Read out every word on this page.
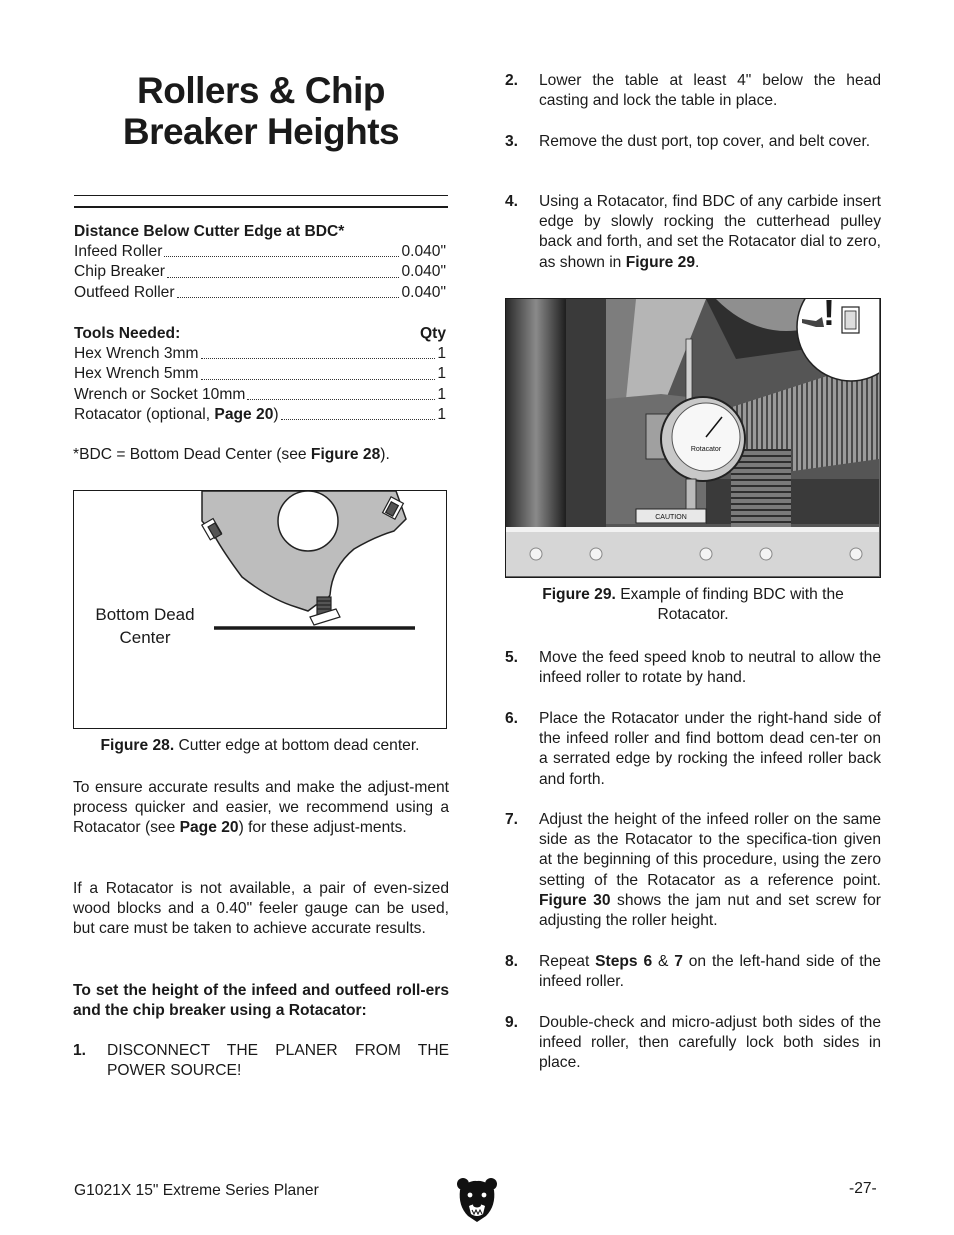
Rollers & Chip
Breaker Heights
Distance Below Cutter Edge at BDC*
Infeed Roller	0.040"
Chip Breaker	0.040"
Outfeed Roller	0.040"
Tools Needed:	Qty
Hex Wrench 3mm	1
Hex Wrench 5mm	1
Wrench or Socket 10mm	1
Rotacator (optional, Page 20)	1
*BDC = Bottom Dead Center (see Figure 28).
Bottom Dead
Center
Figure 28. Cutter edge at bottom dead center.
To ensure accurate results and make the adjust-ment process quicker and easier, we recommend using a Rotacator (see Page 20) for these adjust-ments.
If a Rotacator is not available, a pair of even-sized wood blocks and a 0.40" feeler gauge can be used, but care must be taken to achieve accurate results.
To set the height of the infeed and outfeed roll-ers and the chip breaker using a Rotacator:
1.	DISCONNECT THE PLANER FROM THE POWER SOURCE!
2.	Lower the table at least 4" below the head casting and lock the table in place.
3.	Remove the dust port, top cover, and belt cover.
4.	Using a Rotacator, find BDC of any carbide insert edge by slowly rocking the cutterhead pulley back and forth, and set the Rotacator dial to zero, as shown in Figure 29.
CAUTION
Rotacator
!
Figure 29. Example of finding BDC with the
Rotacator.
5.	Move the feed speed knob to neutral to allow the infeed roller to rotate by hand.
6.	Place the Rotacator under the right-hand side of the infeed roller and find bottom dead cen-ter on a serrated edge by rocking the infeed roller back and forth.
7.	Adjust the height of the infeed roller on the same side as the Rotacator to the specifica-tion given at the beginning of this procedure, using the zero setting of the Rotacator as a reference point. Figure 30 shows the jam nut and set screw for adjusting the roller height.
8.	Repeat Steps 6 & 7 on the left-hand side of the infeed roller.
9.	Double-check and micro-adjust both sides of the infeed roller, then carefully lock both sides in place.
G1021X 15" Extreme Series Planer	-27-
